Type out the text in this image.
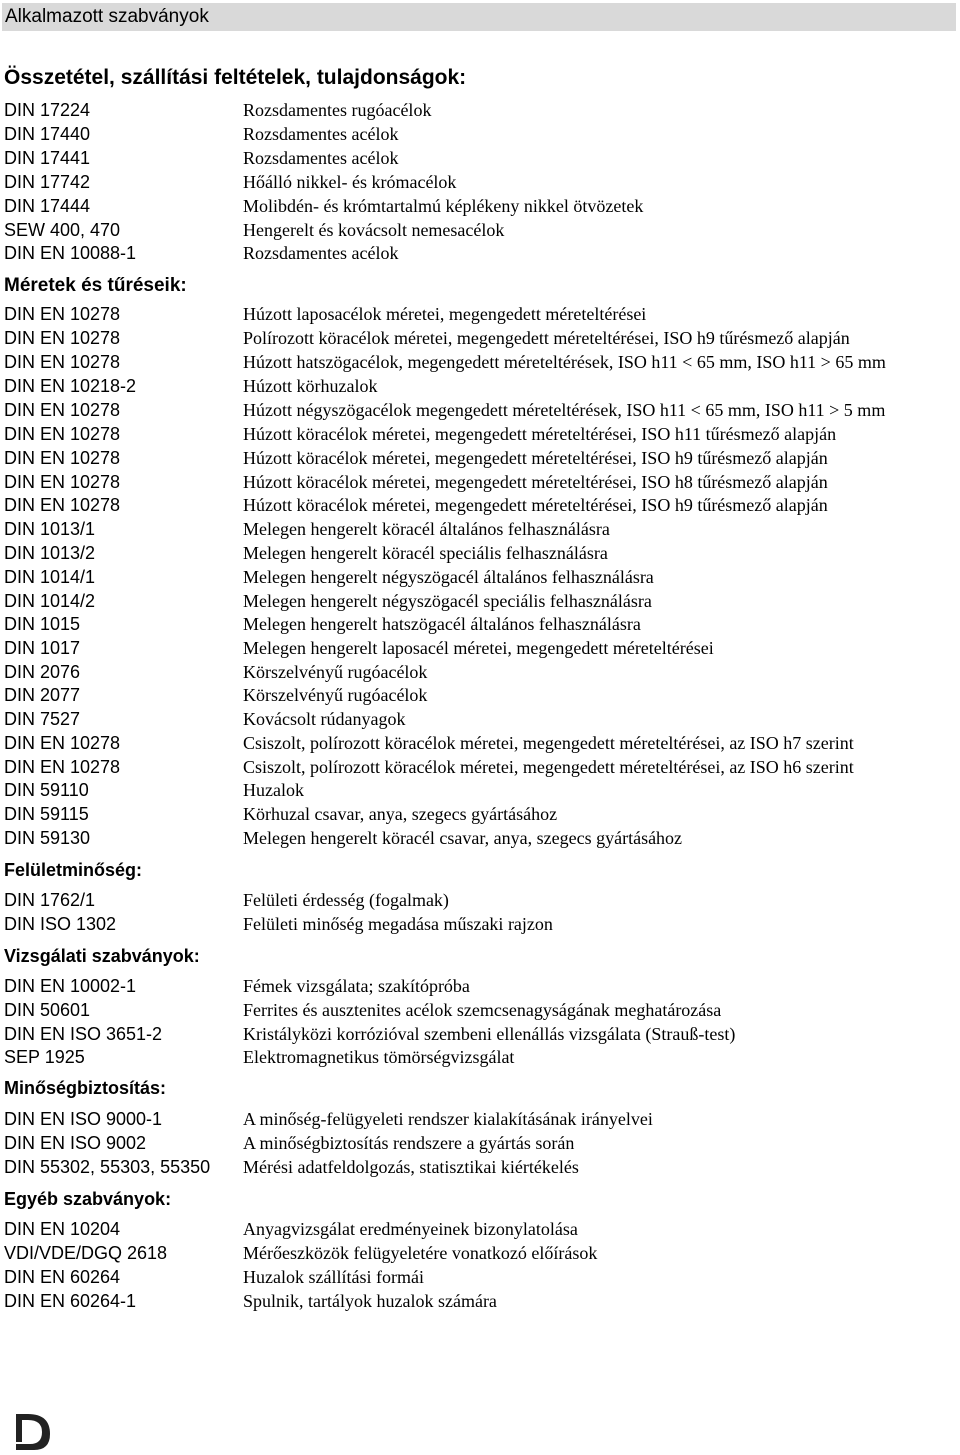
Alkalmazott szabványok
Összetétel, szállítási feltételek, tulajdonságok:
DIN 17224	Rozsdamentes rugóacélok
DIN 17440	Rozsdamentes acélok
DIN 17441	Rozsdamentes acélok
DIN 17742	Hőálló nikkel- és krómacélok
DIN 17444	Molibdén- és krómtartalmú képlékeny nikkel ötvözetek
SEW 400, 470	Hengerelt és kovácsolt nemesacélok
DIN EN 10088-1	Rozsdamentes acélok
Méretek és tűréseik:
DIN EN 10278	Húzott laposacélok méretei, megengedett méreteltérései
DIN EN 10278	Polírozott köracélok méretei, megengedett méreteltérései, ISO h9 tűrésmező alapján
DIN EN 10278	Húzott hatszögacélok, megengedett méreteltérések, ISO h11 < 65 mm, ISO h11 > 65 mm
DIN EN 10218-2	Húzott körhuzalok
DIN EN 10278	Húzott négyszögacélok megengedett méreteltérések, ISO h11 < 65 mm, ISO h11 > 5 mm
DIN EN 10278	Húzott köracélok méretei, megengedett méreteltérései, ISO h11 tűrésmező alapján
DIN EN 10278	Húzott köracélok méretei, megengedett méreteltérései, ISO h9 tűrésmező alapján
DIN EN 10278	Húzott köracélok méretei, megengedett méreteltérései, ISO h8 tűrésmező alapján
DIN EN 10278	Húzott köracélok méretei, megengedett méreteltérései, ISO h9 tűrésmező alapján
DIN 1013/1	Melegen hengerelt köracél általános felhasználásra
DIN 1013/2	Melegen hengerelt köracél speciális felhasználásra
DIN 1014/1	Melegen hengerelt négyszögacél általános felhasználásra
DIN 1014/2	Melegen hengerelt négyszögacél speciális felhasználásra
DIN 1015	Melegen hengerelt hatszögacél általános felhasználásra
DIN 1017	Melegen hengerelt laposacél méretei, megengedett méreteltérései
DIN 2076	Körszelvényű rugóacélok
DIN 2077	Körszelvényű rugóacélok
DIN 7527	Kovácsolt rúdanyagok
DIN EN 10278	Csiszolt, polírozott köracélok méretei, megengedett méreteltérései, az ISO h7 szerint
DIN EN 10278	Csiszolt, polírozott köracélok méretei, megengedett méreteltérései, az ISO h6 szerint
DIN 59110	Huzalok
DIN 59115	Körhuzal csavar, anya, szegecs gyártásához
DIN 59130	Melegen hengerelt köracél csavar, anya, szegecs gyártásához
Felületminőség:
DIN 1762/1	Felületi érdesség (fogalmak)
DIN ISO 1302	Felületi minőség megadása műszaki rajzon
Vizsgálati szabványok:
DIN EN 10002-1	Fémek vizsgálata; szakítópróba
DIN 50601	Ferrites és ausztenites acélok szemcsenagyságának meghatározása
DIN EN ISO 3651-2	Kristályközi korrózióval szembeni ellenállás vizsgálata (Strauß-test)
SEP 1925	Elektromagnetikus tömörségvizsgálat
Minőségbiztosítás:
DIN EN ISO 9000-1	A minőség-felügyeleti rendszer kialakításának irányelvei
DIN EN ISO 9002	A minőségbiztosítás rendszere a gyártás során
DIN 55302, 55303, 55350 Mérési adatfeldolgozás, statisztikai kiértékelés
Egyéb szabványok:
DIN EN 10204	Anyagvizsgálat eredményeinek bizonylatolása
VDI/VDE/DGQ 2618	Mérőeszközök felügyeletére vonatkozó előírások
DIN EN 60264	Huzalok szállítási formái
DIN EN 60264-1	Spulnik, tartályok huzalok számára
